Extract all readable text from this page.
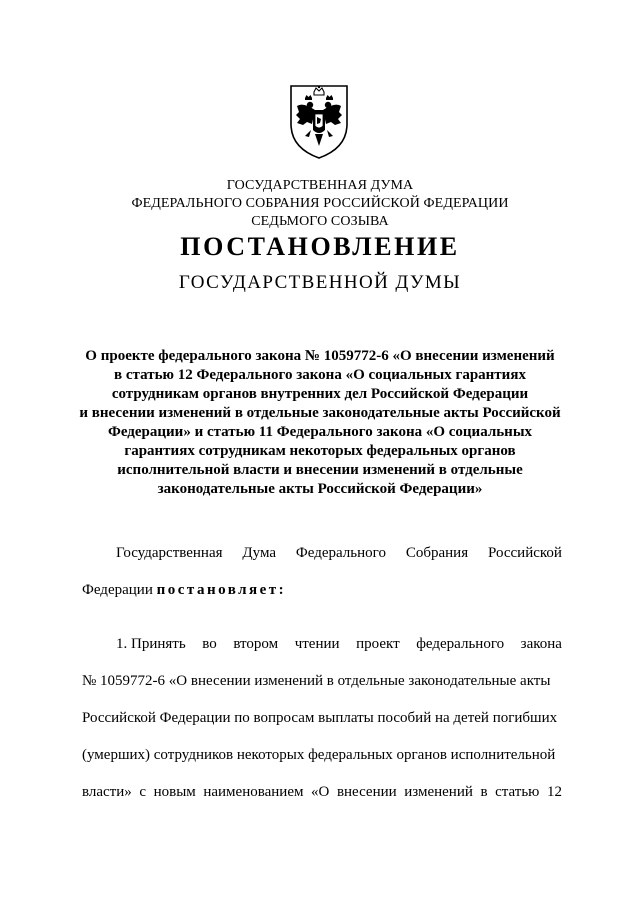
ГОСУДАРСТВЕННАЯ ДУМА
ФЕДЕРАЛЬНОГО СОБРАНИЯ РОССИЙСКОЙ ФЕДЕРАЦИИ
СЕДЬМОГО СОЗЫВА
ПОСТАНОВЛЕНИЕ
ГОСУДАРСТВЕННОЙ ДУМЫ
О проекте федерального закона № 1059772-6 «О внесении изменений
в статью 12 Федерального закона «О социальных гарантиях
сотрудникам органов внутренних дел Российской Федерации
и внесении изменений в отдельные законодательные акты Российской
Федерации» и статью 11 Федерального закона «О социальных
гарантиях сотрудникам некоторых федеральных органов
исполнительной власти и внесении изменений в отдельные
законодательные акты Российской Федерации»
Государственная Дума Федерального Собрания Российской
Федерации постановляет:
1. Принять во втором чтении проект федерального закона
№ 1059772-6 «О внесении изменений в отдельные законодательные акты
Российской Федерации по вопросам выплаты пособий на детей погибших
(умерших) сотрудников некоторых федеральных органов исполнительной
власти» с новым наименованием «О внесении изменений в статью 12
